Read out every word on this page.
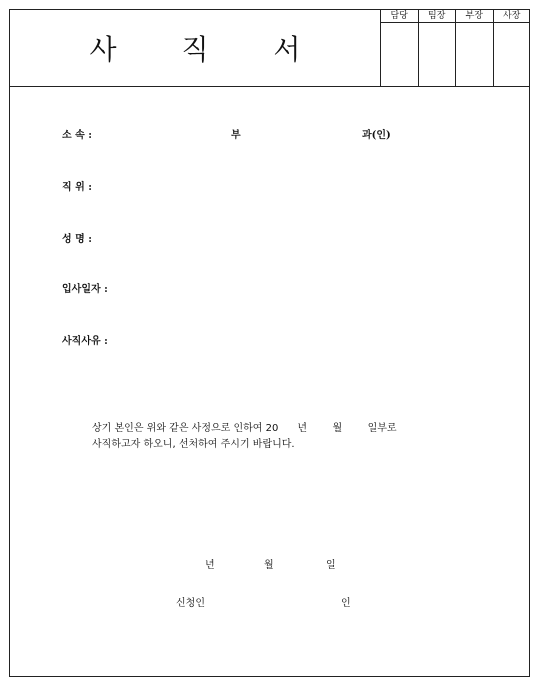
사 직 서
담당	팀장	부장	사장
소 속 :	부	과(인)
직 위 :
성 명 :
입사일자 :
사직사유 :
상기 본인은 위와 같은 사정으로 인하여 20      년        월        일부로
사직하고자 하오니, 선처하여 주시기 바랍니다.
년	월	일
신청인	인
